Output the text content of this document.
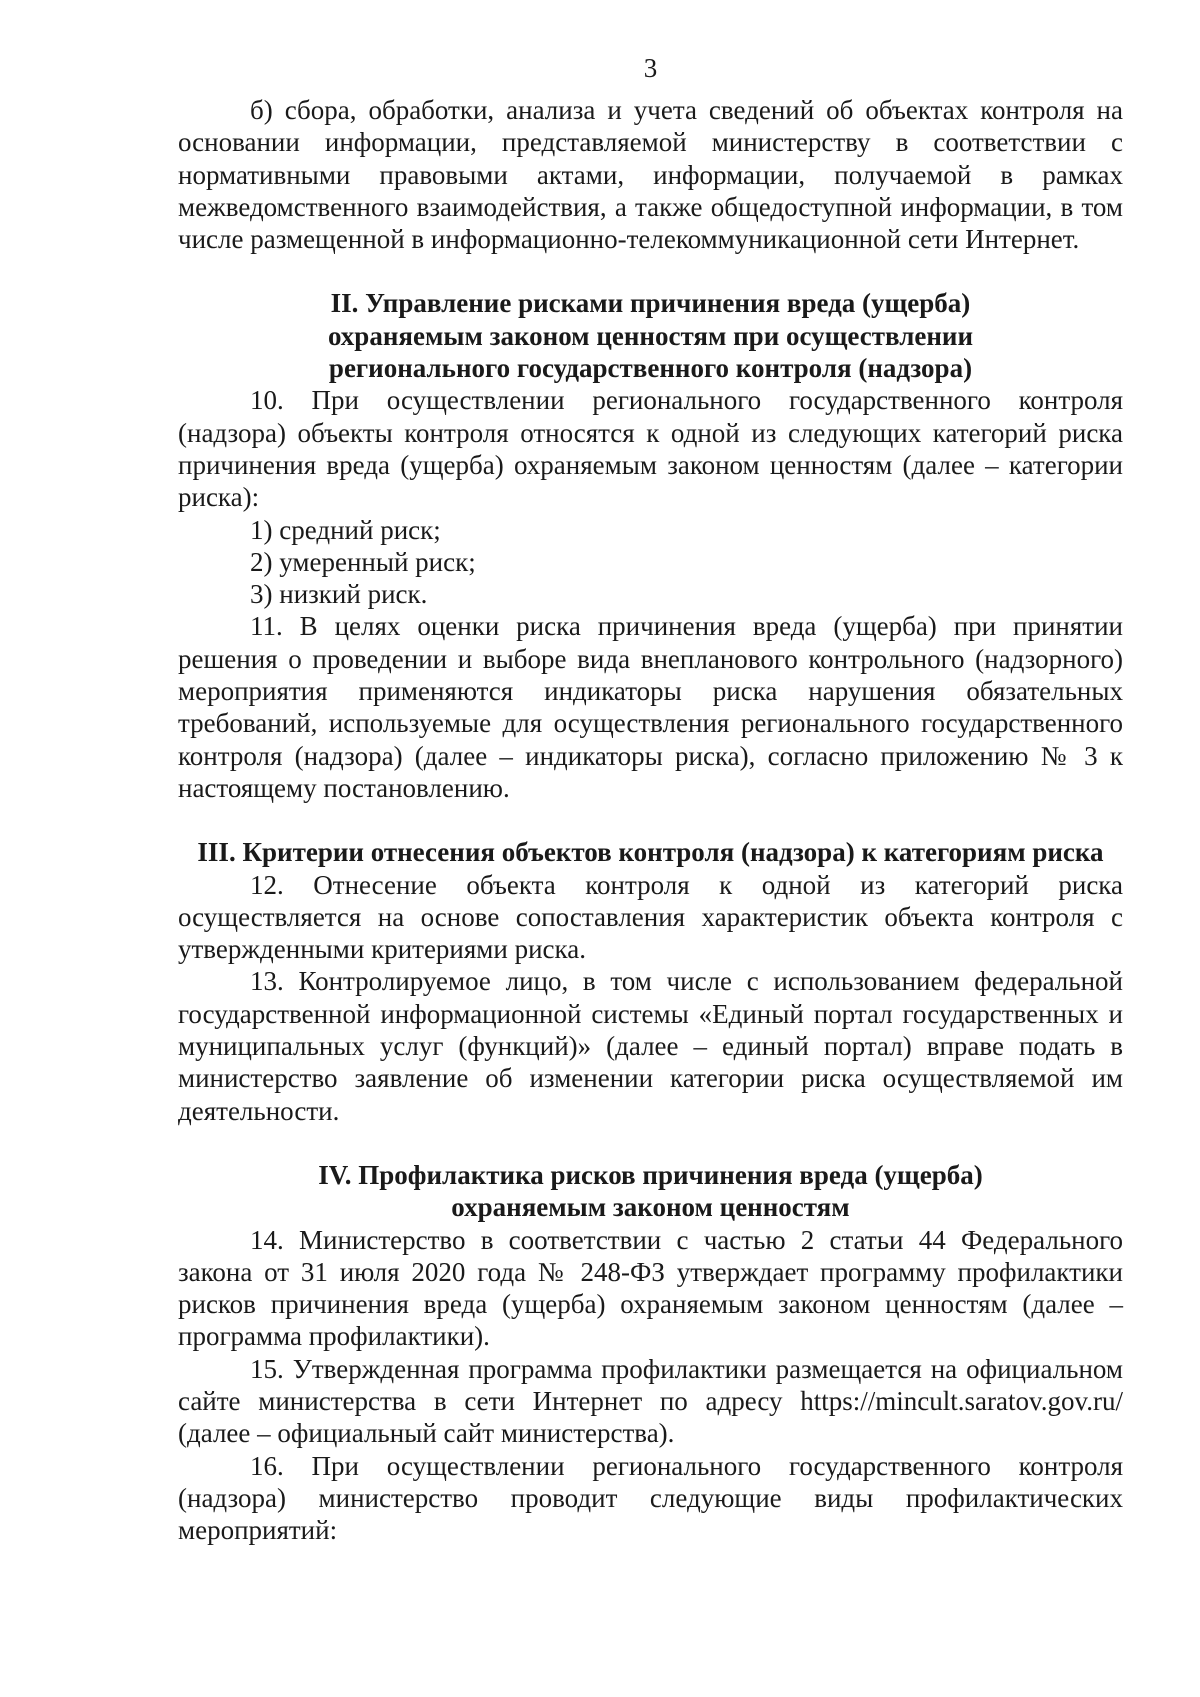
3

б) сбора, обработки, анализа и учета сведений об объектах контроля на основании информации, представляемой министерству в соответствии с нормативными правовыми актами, информации, получаемой в рамках межведомственного взаимодействия, а также общедоступной информации, в том числе размещенной в информационно-телекоммуникационной сети Интернет.

II. Управление рисками причинения вреда (ущерба)
охраняемым законом ценностям при осуществлении
регионального государственного контроля (надзора)

10. При осуществлении регионального государственного контроля (надзора) объекты контроля относятся к одной из следующих категорий риска причинения вреда (ущерба) охраняемым законом ценностям (далее – категории риска):

1) средний риск;

2) умеренный риск;

3) низкий риск.

11. В целях оценки риска причинения вреда (ущерба) при принятии решения о проведении и выборе вида внепланового контрольного (надзорного) мероприятия применяются индикаторы риска нарушения обязательных требований, используемые для осуществления регионального государственного контроля (надзора) (далее – индикаторы риска), согласно приложению № 3 к настоящему постановлению.

III. Критерии отнесения объектов контроля (надзора) к категориям риска

12. Отнесение объекта контроля к одной из категорий риска осуществляется на основе сопоставления характеристик объекта контроля с утвержденными критериями риска.

13. Контролируемое лицо, в том числе с использованием федеральной государственной информационной системы «Единый портал государственных и муниципальных услуг (функций)» (далее – единый портал) вправе подать в министерство заявление об изменении категории риска осуществляемой им деятельности.

IV. Профилактика рисков причинения вреда (ущерба)
охраняемым законом ценностям

14. Министерство в соответствии с частью 2 статьи 44 Федерального закона от 31 июля 2020 года № 248-ФЗ утверждает программу профилактики рисков причинения вреда (ущерба) охраняемым законом ценностям (далее – программа профилактики).

15. Утвержденная программа профилактики размещается на официальном сайте министерства в сети Интернет по адресу https://mincult.saratov.gov.ru/ (далее – официальный сайт министерства).

16. При осуществлении регионального государственного контроля (надзора) министерство проводит следующие виды профилактических мероприятий:
